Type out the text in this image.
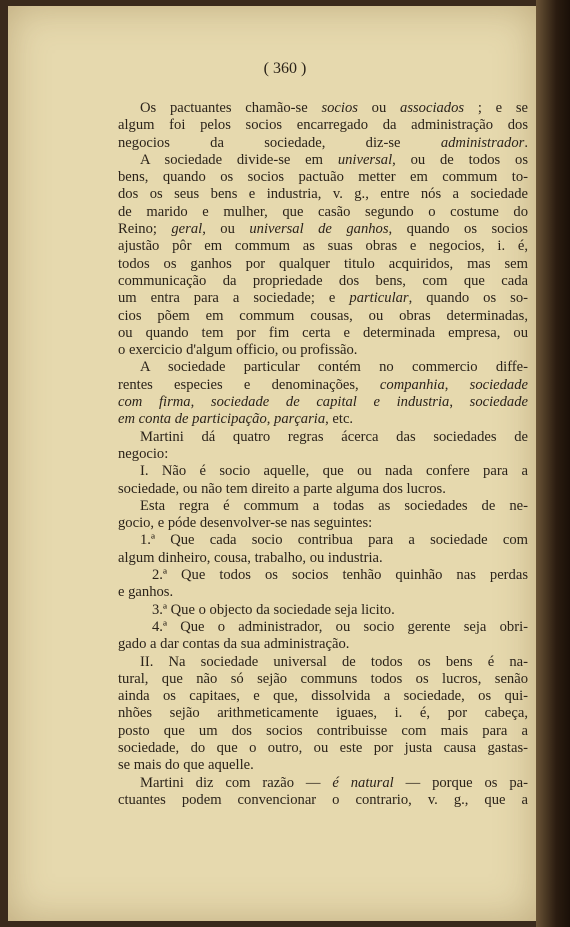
( 360 )
Os pactuantes chamão-se socios ou associados ; e se
algum foi pelos socios encarregado da administração dos
negocios da sociedade, diz-se administrador.
A sociedade divide-se em universal, ou de todos os
bens, quando os socios pactuão metter em commum to-
dos os seus bens e industria, v. g., entre nós a sociedade
de marido e mulher, que casão segundo o costume do
Reino; geral, ou universal de ganhos, quando os socios
ajustão pôr em commum as suas obras e negocios, i. é,
todos os ganhos por qualquer titulo acquiridos, mas sem
communicação da propriedade dos bens, com que cada
um entra para a sociedade; e particular, quando os so-
cios põem em commum cousas, ou obras determinadas,
ou quando tem por fim certa e determinada empresa, ou
o exercicio d'algum officio, ou profissão.
A sociedade particular contém no commercio diffe-
rentes especies e denominações, companhia, sociedade
com firma, sociedade de capital e industria, sociedade
em conta de participação, parçaria, etc.
Martini dá quatro regras ácerca das sociedades de
negocio:
I. Não é socio aquelle, que ou nada confere para a
sociedade, ou não tem direito a parte alguma dos lucros.
Esta regra é commum a todas as sociedades de ne-
gocio, e póde desenvolver-se nas seguintes:
1.ª Que cada socio contribua para a sociedade com
algum dinheiro, cousa, trabalho, ou industria.
2.ª Que todos os socios tenhão quinhão nas perdas
e ganhos.
3.ª Que o objecto da sociedade seja licito.
4.ª Que o administrador, ou socio gerente seja obri-
gado a dar contas da sua administração.
II. Na sociedade universal de todos os bens é na-
tural, que não só sejão communs todos os lucros, senão
ainda os capitaes, e que, dissolvida a sociedade, os qui-
nhões sejão arithmeticamente iguaes, i. é, por cabeça,
posto que um dos socios contribuisse com mais para a
sociedade, do que o outro, ou este por justa causa gastas-
se mais do que aquelle.
Martini diz com razão — é natural — porque os pa-
ctuantes podem convencionar o contrario, v. g., que a
